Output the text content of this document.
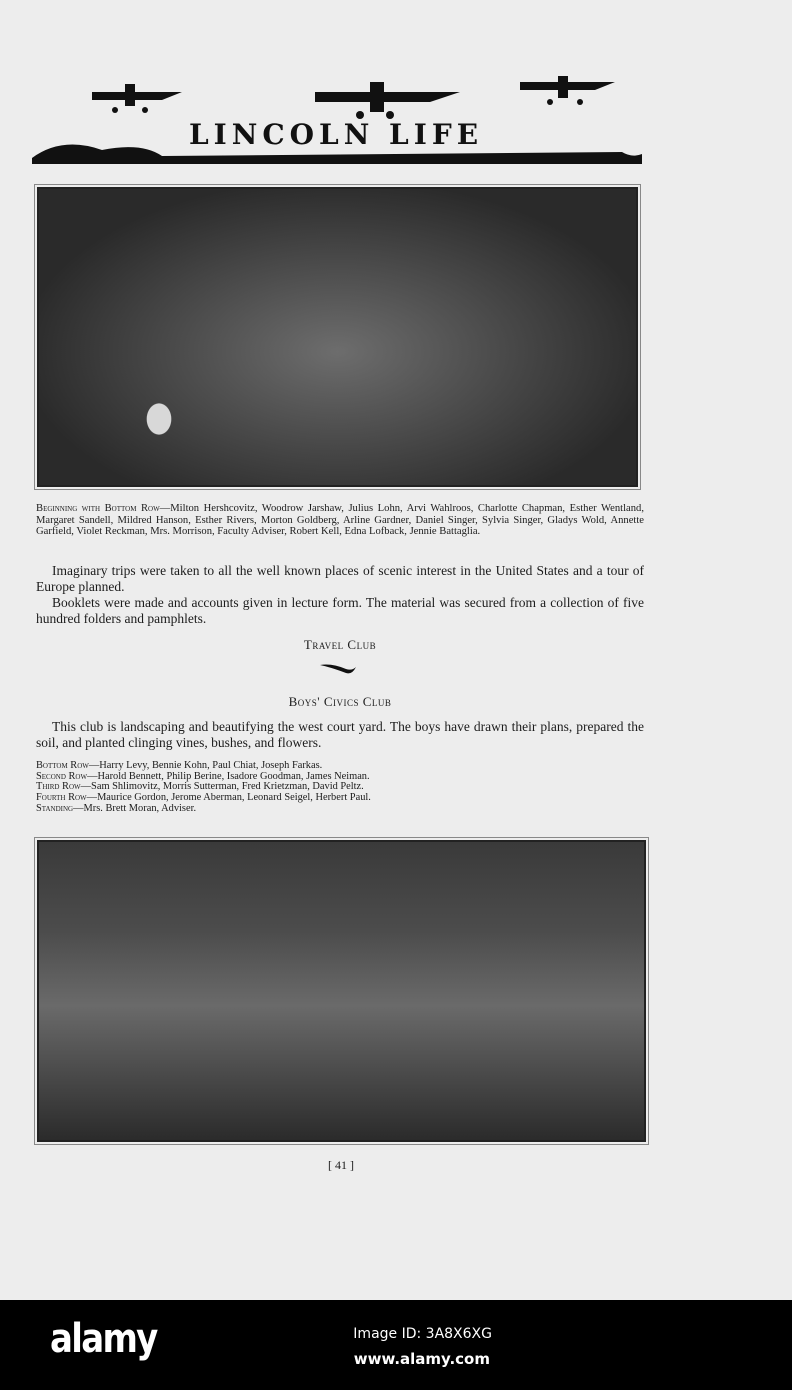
LINCOLN LIFE
Beginning with Bottom Row—Milton Hershcovitz, Woodrow Jarshaw, Julius Lohn, Arvi Wahlroos, Charlotte Chapman, Esther Wentland, Margaret Sandell, Mildred Hanson, Esther Rivers, Morton Goldberg, Arline Gardner, Daniel Singer, Sylvia Singer, Gladys Wold, Annette Garfield, Violet Reckman, Mrs. Morrison, Faculty Adviser, Robert Kell, Edna Lofback, Jennie Battaglia.

Imaginary trips were taken to all the well known places of scenic interest in the United States and a tour of Europe planned.

Booklets were made and accounts given in lecture form. The material was secured from a collection of five hundred folders and pamphlets.

Travel Club
Boys' Civics Club

This club is landscaping and beautifying the west court yard. The boys have drawn their plans, prepared the soil, and planted clinging vines, bushes, and flowers.

Bottom Row—Harry Levy, Bennie Kohn, Paul Chiat, Joseph Farkas.
Second Row—Harold Bennett, Philip Berine, Isadore Goodman, James Neiman.
Third Row—Sam Shlimovitz, Morris Sutterman, Fred Krietzman, David Peltz.
Fourth Row—Maurice Gordon, Jerome Aberman, Leonard Seigel, Herbert Paul.
Standing—Mrs. Brett Moran, Adviser.
[ 41 ]
alamy	Image ID: 3A8X6XG
www.alamy.com
